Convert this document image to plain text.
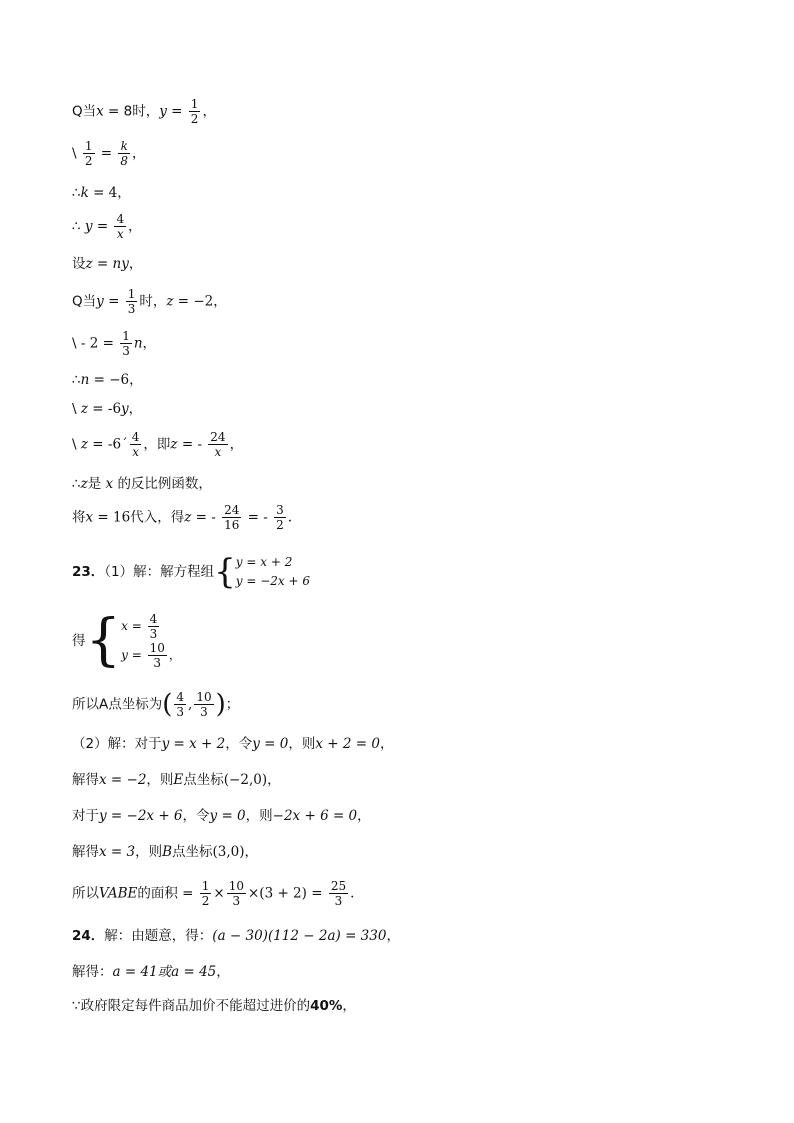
Q当x = 8时，$y = \frac{1}{2}$ ，
\ $\frac{1}{2} = \frac{k}{8}$ ，
∴k = 4，
∴ $y = \frac{4}{x}$ ，
设z = ny，
Q当$y = \frac{1}{3}$ 时，z = −2，
\ - $2 = \frac{1}{3}$ n，
∴n = −6，
\ z = -6y，
\ z = -6´ $\frac{4}{x}$ ，即z = - $\frac{24}{x}$ ，
∴z是 x 的反比例函数，
将x = 16代入，得z = - $\frac{24}{16}$ = - $\frac{3}{2}$ .
23．（1）解：解方程组{ y = x + 2
y = −2x + 6
得{ $x = \frac{4}{3}$
$y = \frac{10}{3}$ ，
所以A点坐标为( $\frac{4}{3}$ , $\frac{10}{3}$ )；
（2）解：对于y = x + 2，令y = 0，则x + 2 = 0，
解得x = −2，则E点坐标(−2,0)，
对于y = −2x + 6，令y = 0，则−2x + 6 = 0，
解得x = 3，则B点坐标(3,0)，
所以VABE的面积 = $\frac{1}{2} \times \frac{10}{3} \times(3 + 2) = \frac{25}{3}$ .
24．解：由题意，得：(a − 30)(112 − 2a) = 330，
解得：a = 41或a = 45，
∵政府限定每件商品加价不能超过进价的40%，
